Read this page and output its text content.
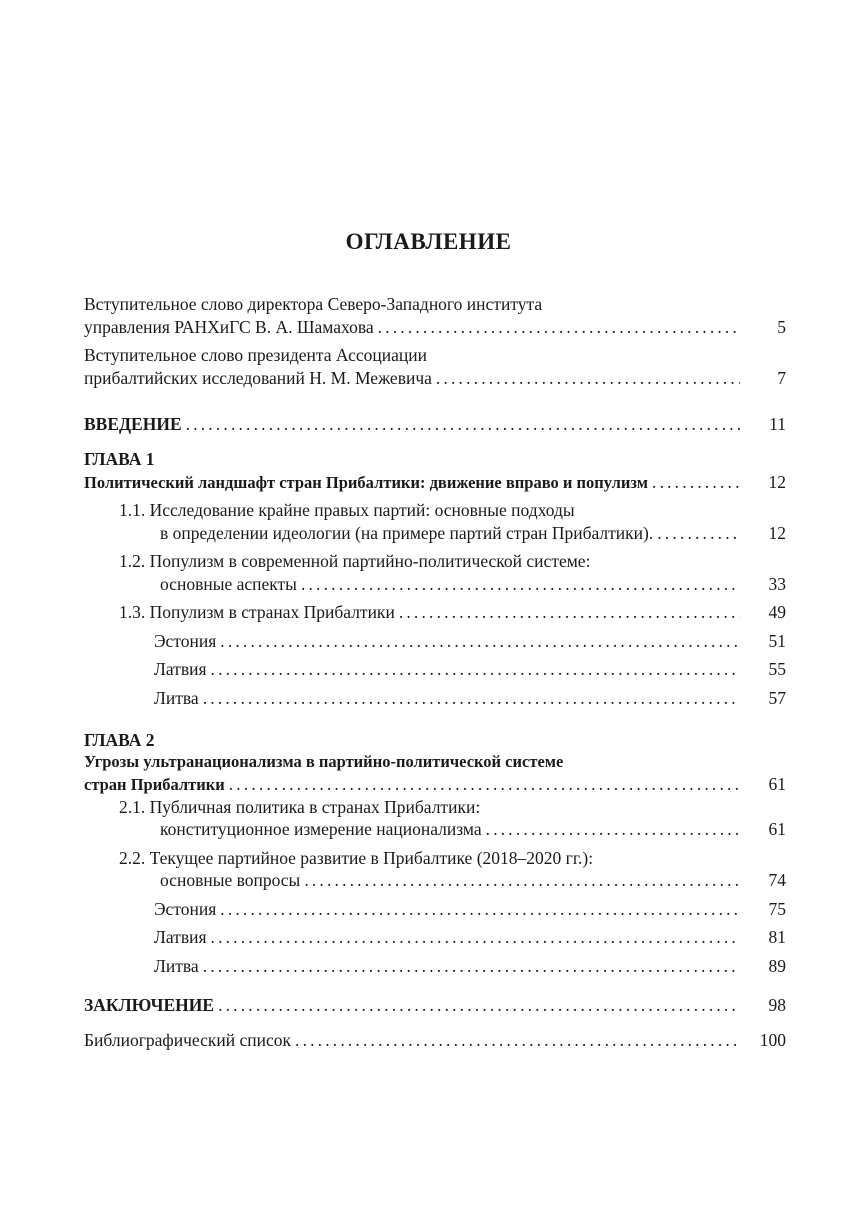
ОГЛАВЛЕНИЕ
Вступительное слово директора Северо-Западного института
управления РАНХиГС В. А. Шамахова . . .	5
Вступительное слово президента Ассоциации
прибалтийских исследований Н. М. Межевича . . .	7
ВВЕДЕНИЕ . . .	11
ГЛАВА 1
Политический ландшафт стран Прибалтики: движение вправо и популизм . . .	12
1.1. Исследование крайне правых партий: основные подходы
в определении идеологии (на примере партий стран Прибалтики). . . .	12
1.2. Популизм в современной партийно-политической системе:
основные аспекты . . .	33
1.3. Популизм в странах Прибалтики . . .	49
Эстония . . .	51
Латвия . . .	55
Литва . . .	57
ГЛАВА 2
Угрозы ультранационализма в партийно-политической системе
стран Прибалтики . . .	61
2.1. Публичная политика в странах Прибалтики:
конституционное измерение национализма . . .	61
2.2. Текущее партийное развитие в Прибалтике (2018–2020 гг.):
основные вопросы . . .	74
Эстония . . .	75
Латвия . . .	81
Литва . . .	89
ЗАКЛЮЧЕНИЕ . . .	98
Библиографический список . . .	100
